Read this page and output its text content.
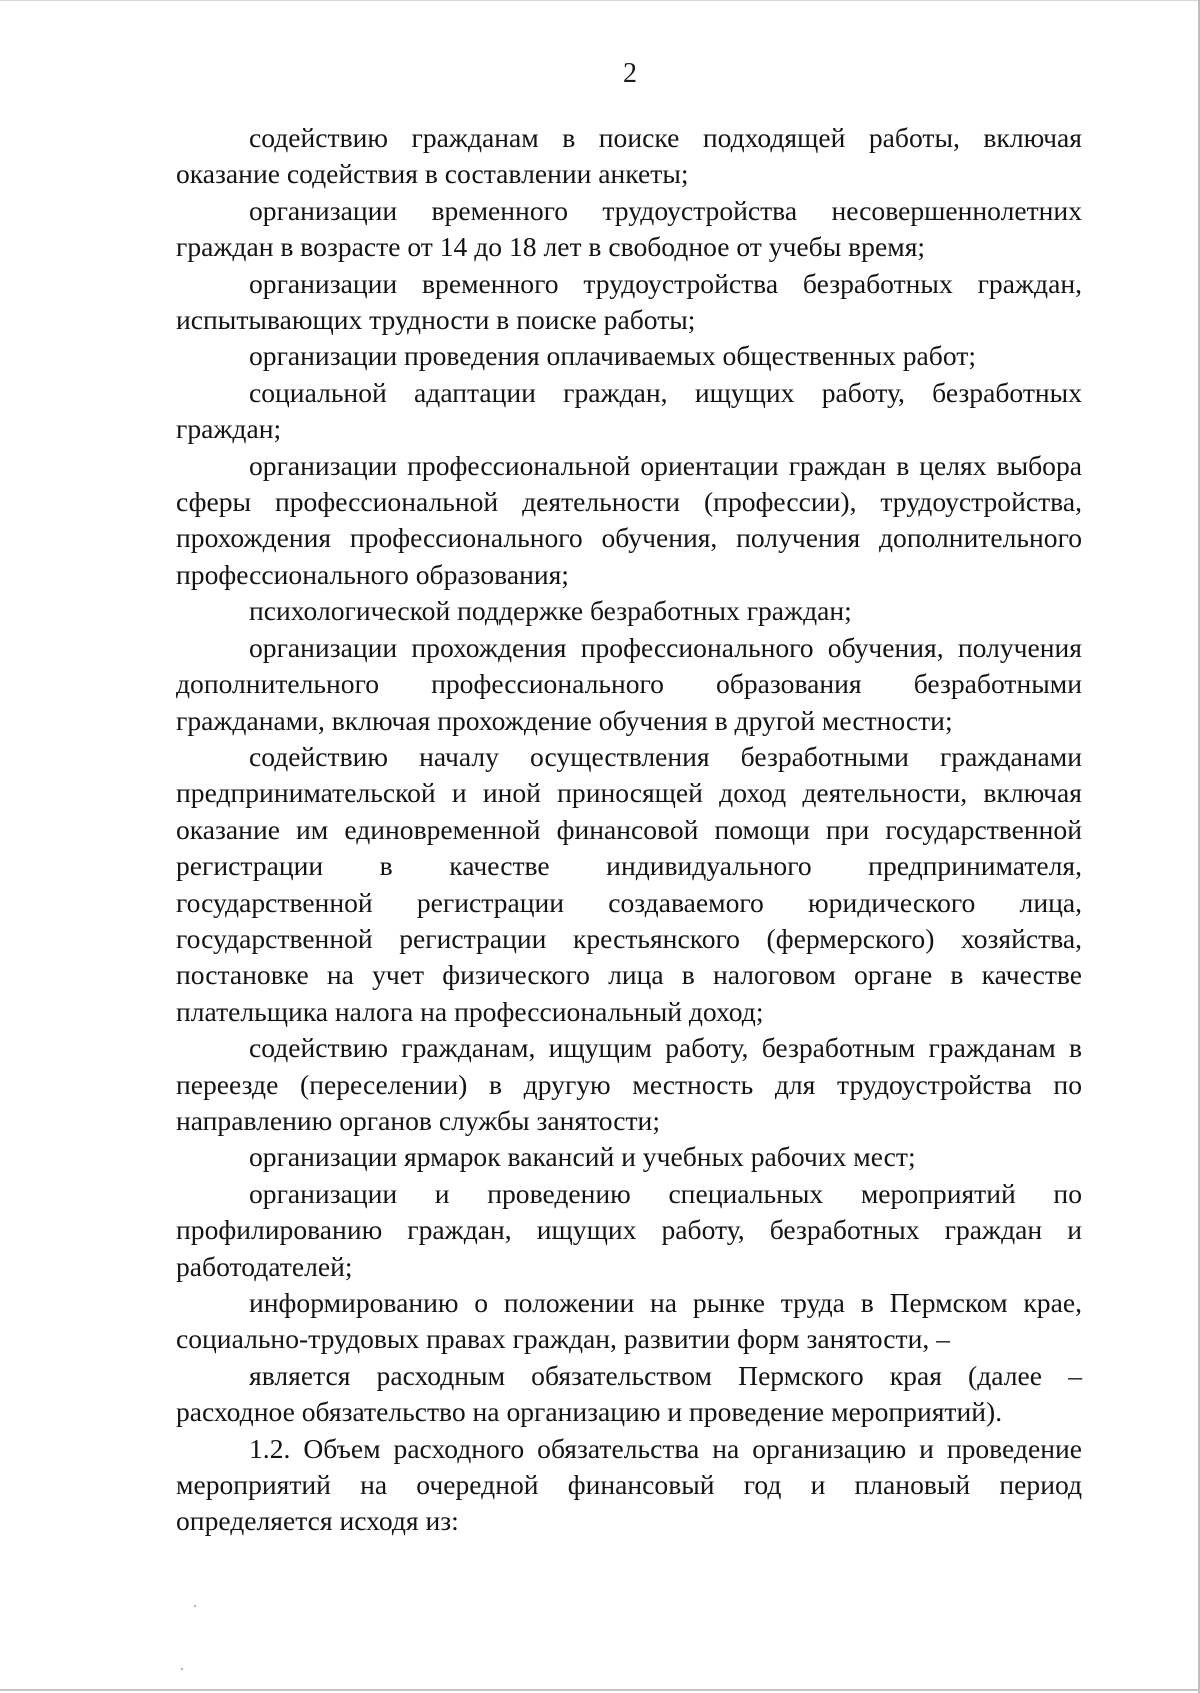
2

содействию гражданам в поиске подходящей работы, включая оказание содействия в составлении анкеты;

организации временного трудоустройства несовершеннолетних граждан в возрасте от 14 до 18 лет в свободное от учебы время;

организации временного трудоустройства безработных граждан, испытывающих трудности в поиске работы;

организации проведения оплачиваемых общественных работ;

социальной адаптации граждан, ищущих работу, безработных граждан;

организации профессиональной ориентации граждан в целях выбора сферы профессиональной деятельности (профессии), трудоустройства, прохождения профессионального обучения, получения дополнительного профессионального образования;

психологической поддержке безработных граждан;

организации прохождения профессионального обучения, получения дополнительного профессионального образования безработными гражданами, включая прохождение обучения в другой местности;

содействию началу осуществления безработными гражданами предпринимательской и иной приносящей доход деятельности, включая оказание им единовременной финансовой помощи при государственной регистрации в качестве индивидуального предпринимателя, государственной регистрации создаваемого юридического лица, государственной регистрации крестьянского (фермерского) хозяйства, постановке на учет физического лица в налоговом органе в качестве плательщика налога на профессиональный доход;

содействию гражданам, ищущим работу, безработным гражданам в переезде (переселении) в другую местность для трудоустройства по направлению органов службы занятости;

организации ярмарок вакансий и учебных рабочих мест;

организации и проведению специальных мероприятий по профилированию граждан, ищущих работу, безработных граждан и работодателей;

информированию о положении на рынке труда в Пермском крае, социально-трудовых правах граждан, развитии форм занятости, –

является расходным обязательством Пермского края (далее – расходное обязательство на организацию и проведение мероприятий).

1.2. Объем расходного обязательства на организацию и проведение мероприятий на очередной финансовый год и плановый период определяется исходя из:
